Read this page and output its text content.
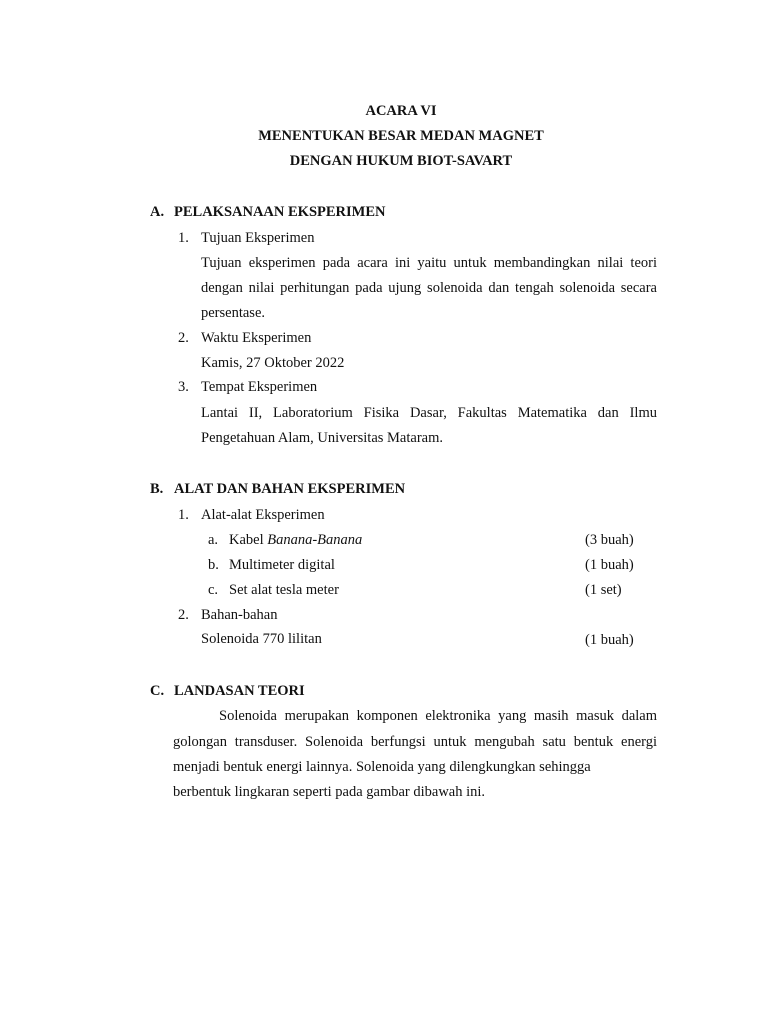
ACARA VI
MENENTUKAN BESAR MEDAN MAGNET
DENGAN HUKUM BIOT-SAVART
A. PELAKSANAAN EKSPERIMEN
1. Tujuan Eksperimen
Tujuan eksperimen pada acara ini yaitu untuk membandingkan nilai teori dengan nilai perhitungan pada ujung solenoida dan tengah solenoida secara persentase.
2. Waktu Eksperimen
Kamis, 27 Oktober 2022
3. Tempat Eksperimen
Lantai II, Laboratorium Fisika Dasar, Fakultas Matematika dan Ilmu Pengetahuan Alam, Universitas Mataram.
B. ALAT DAN BAHAN EKSPERIMEN
1. Alat-alat Eksperimen
a. Kabel Banana-Banana	(3 buah)
b. Multimeter digital	(1 buah)
c. Set alat tesla meter	(1 set)
2. Bahan-bahan
Solenoida 770 lilitan	(1 buah)
C. LANDASAN TEORI
Solenoida merupakan komponen elektronika yang masih masuk dalam golongan transduser. Solenoida berfungsi untuk mengubah satu bentuk energi menjadi bentuk energi lainnya. Solenoida yang dilengkungkan sehingga
berbentuk lingkaran seperti pada gambar dibawah ini.
